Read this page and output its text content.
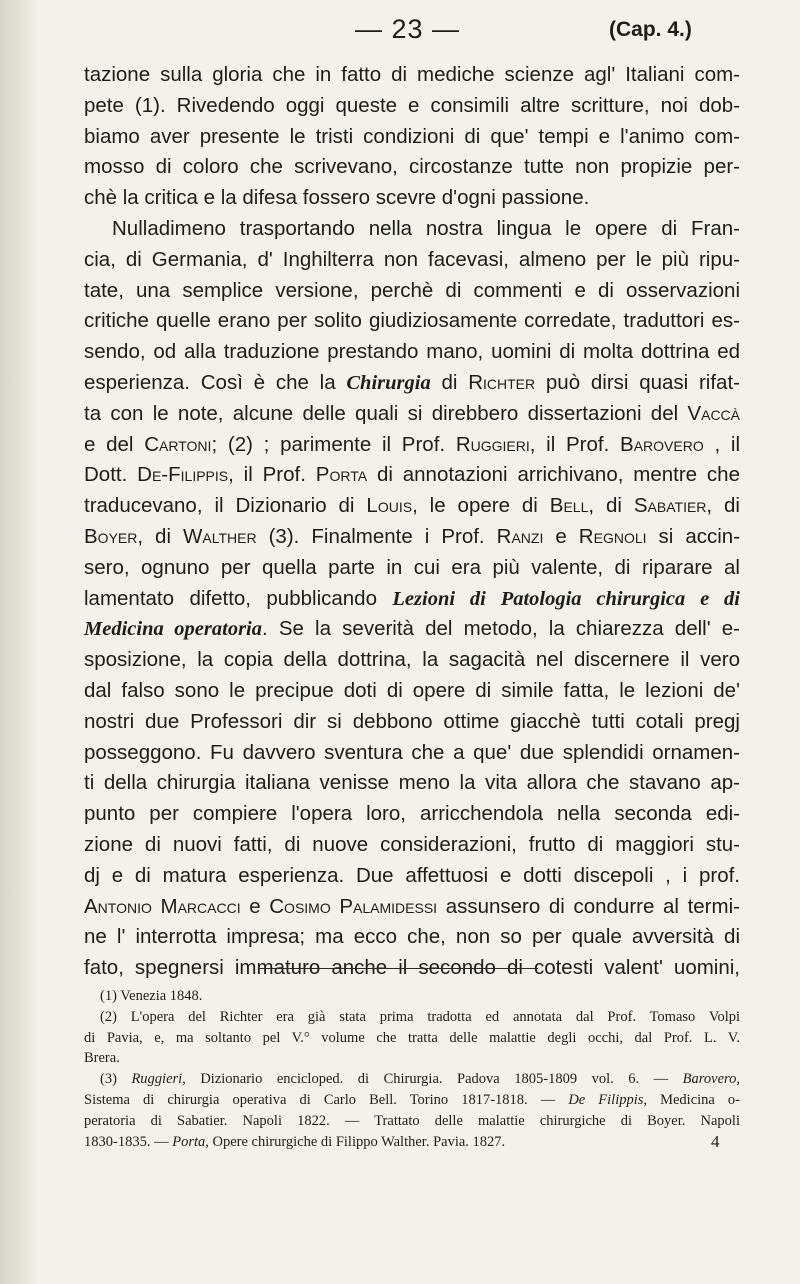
— 23 —	(Cap. 4.)
tazione sulla gloria che in fatto di mediche scienze agl' Italiani com-
pete (1). Rivedendo oggi queste e consimili altre scritture, noi dob-
biamo aver presente le tristi condizioni di que' tempi e l'animo com-
mosso di coloro che scrivevano, circostanze tutte non propizie per-
chè la critica e la difesa fossero scevre d'ogni passione.
Nulladimeno trasportando nella nostra lingua le opere di Fran-
cia, di Germania, d' Inghilterra non facevasi, almeno per le più ripu-
tate, una semplice versione, perchè di commenti e di osservazioni
critiche quelle erano per solito giudiziosamente corredate, traduttori es-
sendo, od alla traduzione prestando mano, uomini di molta dottrina ed
esperienza. Così è che la Chirurgia di Richter può dirsi quasi rifat-
ta con le note, alcune delle quali si direbbero dissertazioni del Vaccà
e del Cartoni; (2) ; parimente il Prof. Ruggieri, il Prof. Barovero , il
Dott. De-Filippis, il Prof. Porta di annotazioni arrichivano, mentre che
traducevano, il Dizionario di Louis, le opere di Bell, di Sabatier, di
Boyer, di Walther (3). Finalmente i Prof. Ranzi e Regnoli si accin-
sero, ognuno per quella parte in cui era più valente, di riparare al
lamentato difetto, pubblicando Lezioni di Patologia chirurgica e di
Medicina operatoria. Se la severità del metodo, la chiarezza dell' e-
sposizione, la copia della dottrina, la sagacità nel discernere il vero
dal falso sono le precipue doti di opere di simile fatta, le lezioni de'
nostri due Professori dir si debbono ottime giacchè tutti cotali pregj
posseggono. Fu davvero sventura che a que' due splendidi ornamen-
ti della chirurgia italiana venisse meno la vita allora che stavano ap-
punto per compiere l'opera loro, arricchendola nella seconda edi-
zione di nuovi fatti, di nuove considerazioni, frutto di maggiori stu-
dj e di matura esperienza. Due affettuosi e dotti discepoli , i prof.
Antonio Marcacci e Cosimo Palamidessi assunsero di condurre al termi-
ne l' interrotta impresa; ma ecco che, non so per quale avversità di
fato, spegnersi immaturo anche il secondo di cotesti valent' uomini,
(1) Venezia 1848.
(2) L'opera del Richter era già stata prima tradotta ed annotata dal Prof. Tomaso Volpi
di Pavia, e, ma soltanto pel V.° volume che tratta delle malattie degli occhi, dal Prof. L. V.
Brera.
(3) Ruggieri, Dizionario encicloped. di Chirurgia. Padova 1805-1809 vol. 6. — Barovero,
Sistema di chirurgia operativa di Carlo Bell. Torino 1817-1818. — De Filippis, Medicina o-
peratoria di Sabatier. Napoli 1822. — Trattato delle malattie chirurgiche di Boyer. Napoli
1830-1835. — Porta, Opere chirurgiche di Filippo Walther. Pavia. 1827.	4
